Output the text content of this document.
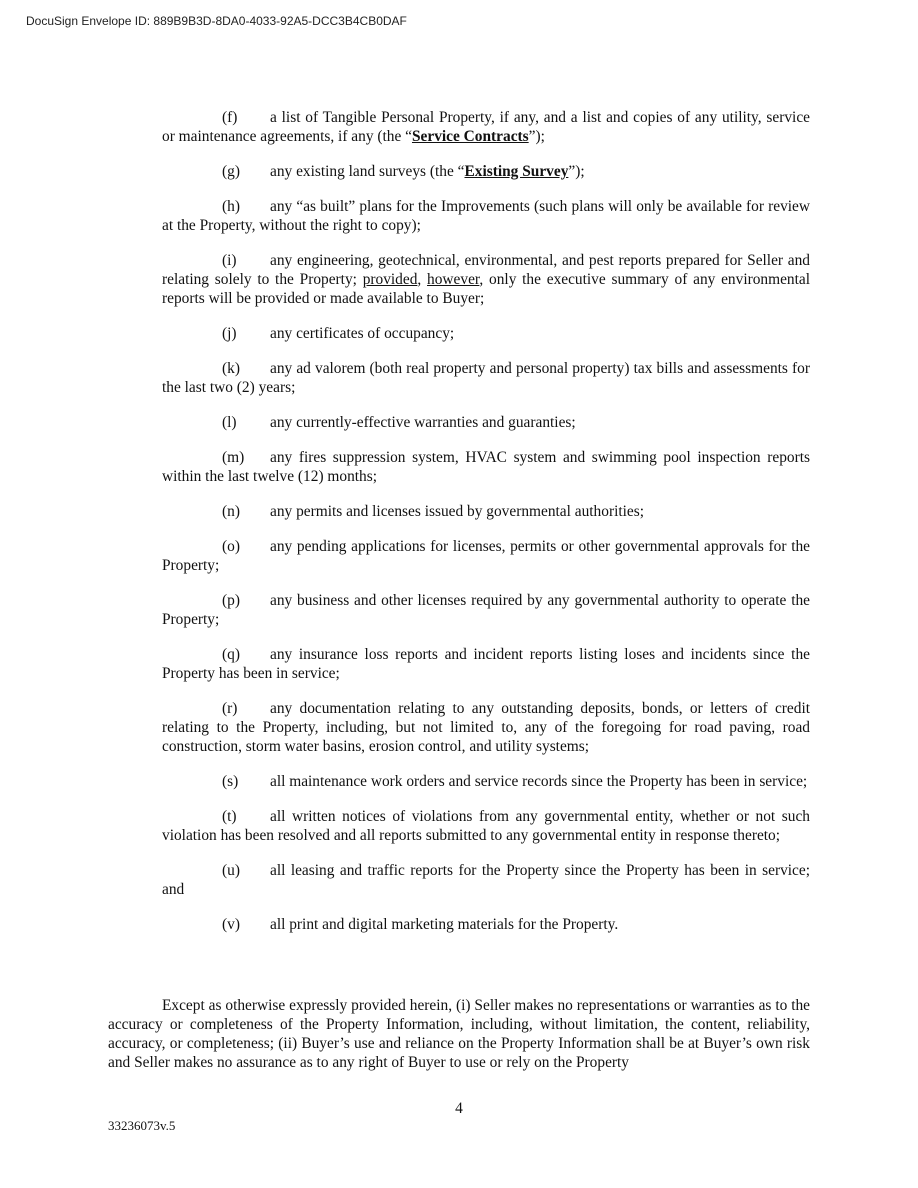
DocuSign Envelope ID: 889B9B3D-8DA0-4033-92A5-DCC3B4CB0DAF

(f) a list of Tangible Personal Property, if any, and a list and copies of any utility, service or maintenance agreements, if any (the “Service Contracts”);

(g) any existing land surveys (the “Existing Survey”);

(h) any “as built” plans for the Improvements (such plans will only be available for review at the Property, without the right to copy);

(i) any engineering, geotechnical, environmental, and pest reports prepared for Seller and relating solely to the Property; provided, however, only the executive summary of any environmental reports will be provided or made available to Buyer;

(j) any certificates of occupancy;

(k) any ad valorem (both real property and personal property) tax bills and assessments for the last two (2) years;

(l) any currently-effective warranties and guaranties;

(m) any fires suppression system, HVAC system and swimming pool inspection reports within the last twelve (12) months;

(n) any permits and licenses issued by governmental authorities;

(o) any pending applications for licenses, permits or other governmental approvals for the Property;

(p) any business and other licenses required by any governmental authority to operate the Property;

(q) any insurance loss reports and incident reports listing loses and incidents since the Property has been in service;

(r) any documentation relating to any outstanding deposits, bonds, or letters of credit relating to the Property, including, but not limited to, any of the foregoing for road paving, road construction, storm water basins, erosion control, and utility systems;

(s) all maintenance work orders and service records since the Property has been in service;

(t) all written notices of violations from any governmental entity, whether or not such violation has been resolved and all reports submitted to any governmental entity in response thereto;

(u) all leasing and traffic reports for the Property since the Property has been in service; and

(v) all print and digital marketing materials for the Property.

Except as otherwise expressly provided herein, (i) Seller makes no representations or warranties as to the accuracy or completeness of the Property Information, including, without limitation, the content, reliability, accuracy, or completeness; (ii) Buyer’s use and reliance on the Property Information shall be at Buyer’s own risk and Seller makes no assurance as to any right of Buyer to use or rely on the Property

4
33236073v.5
